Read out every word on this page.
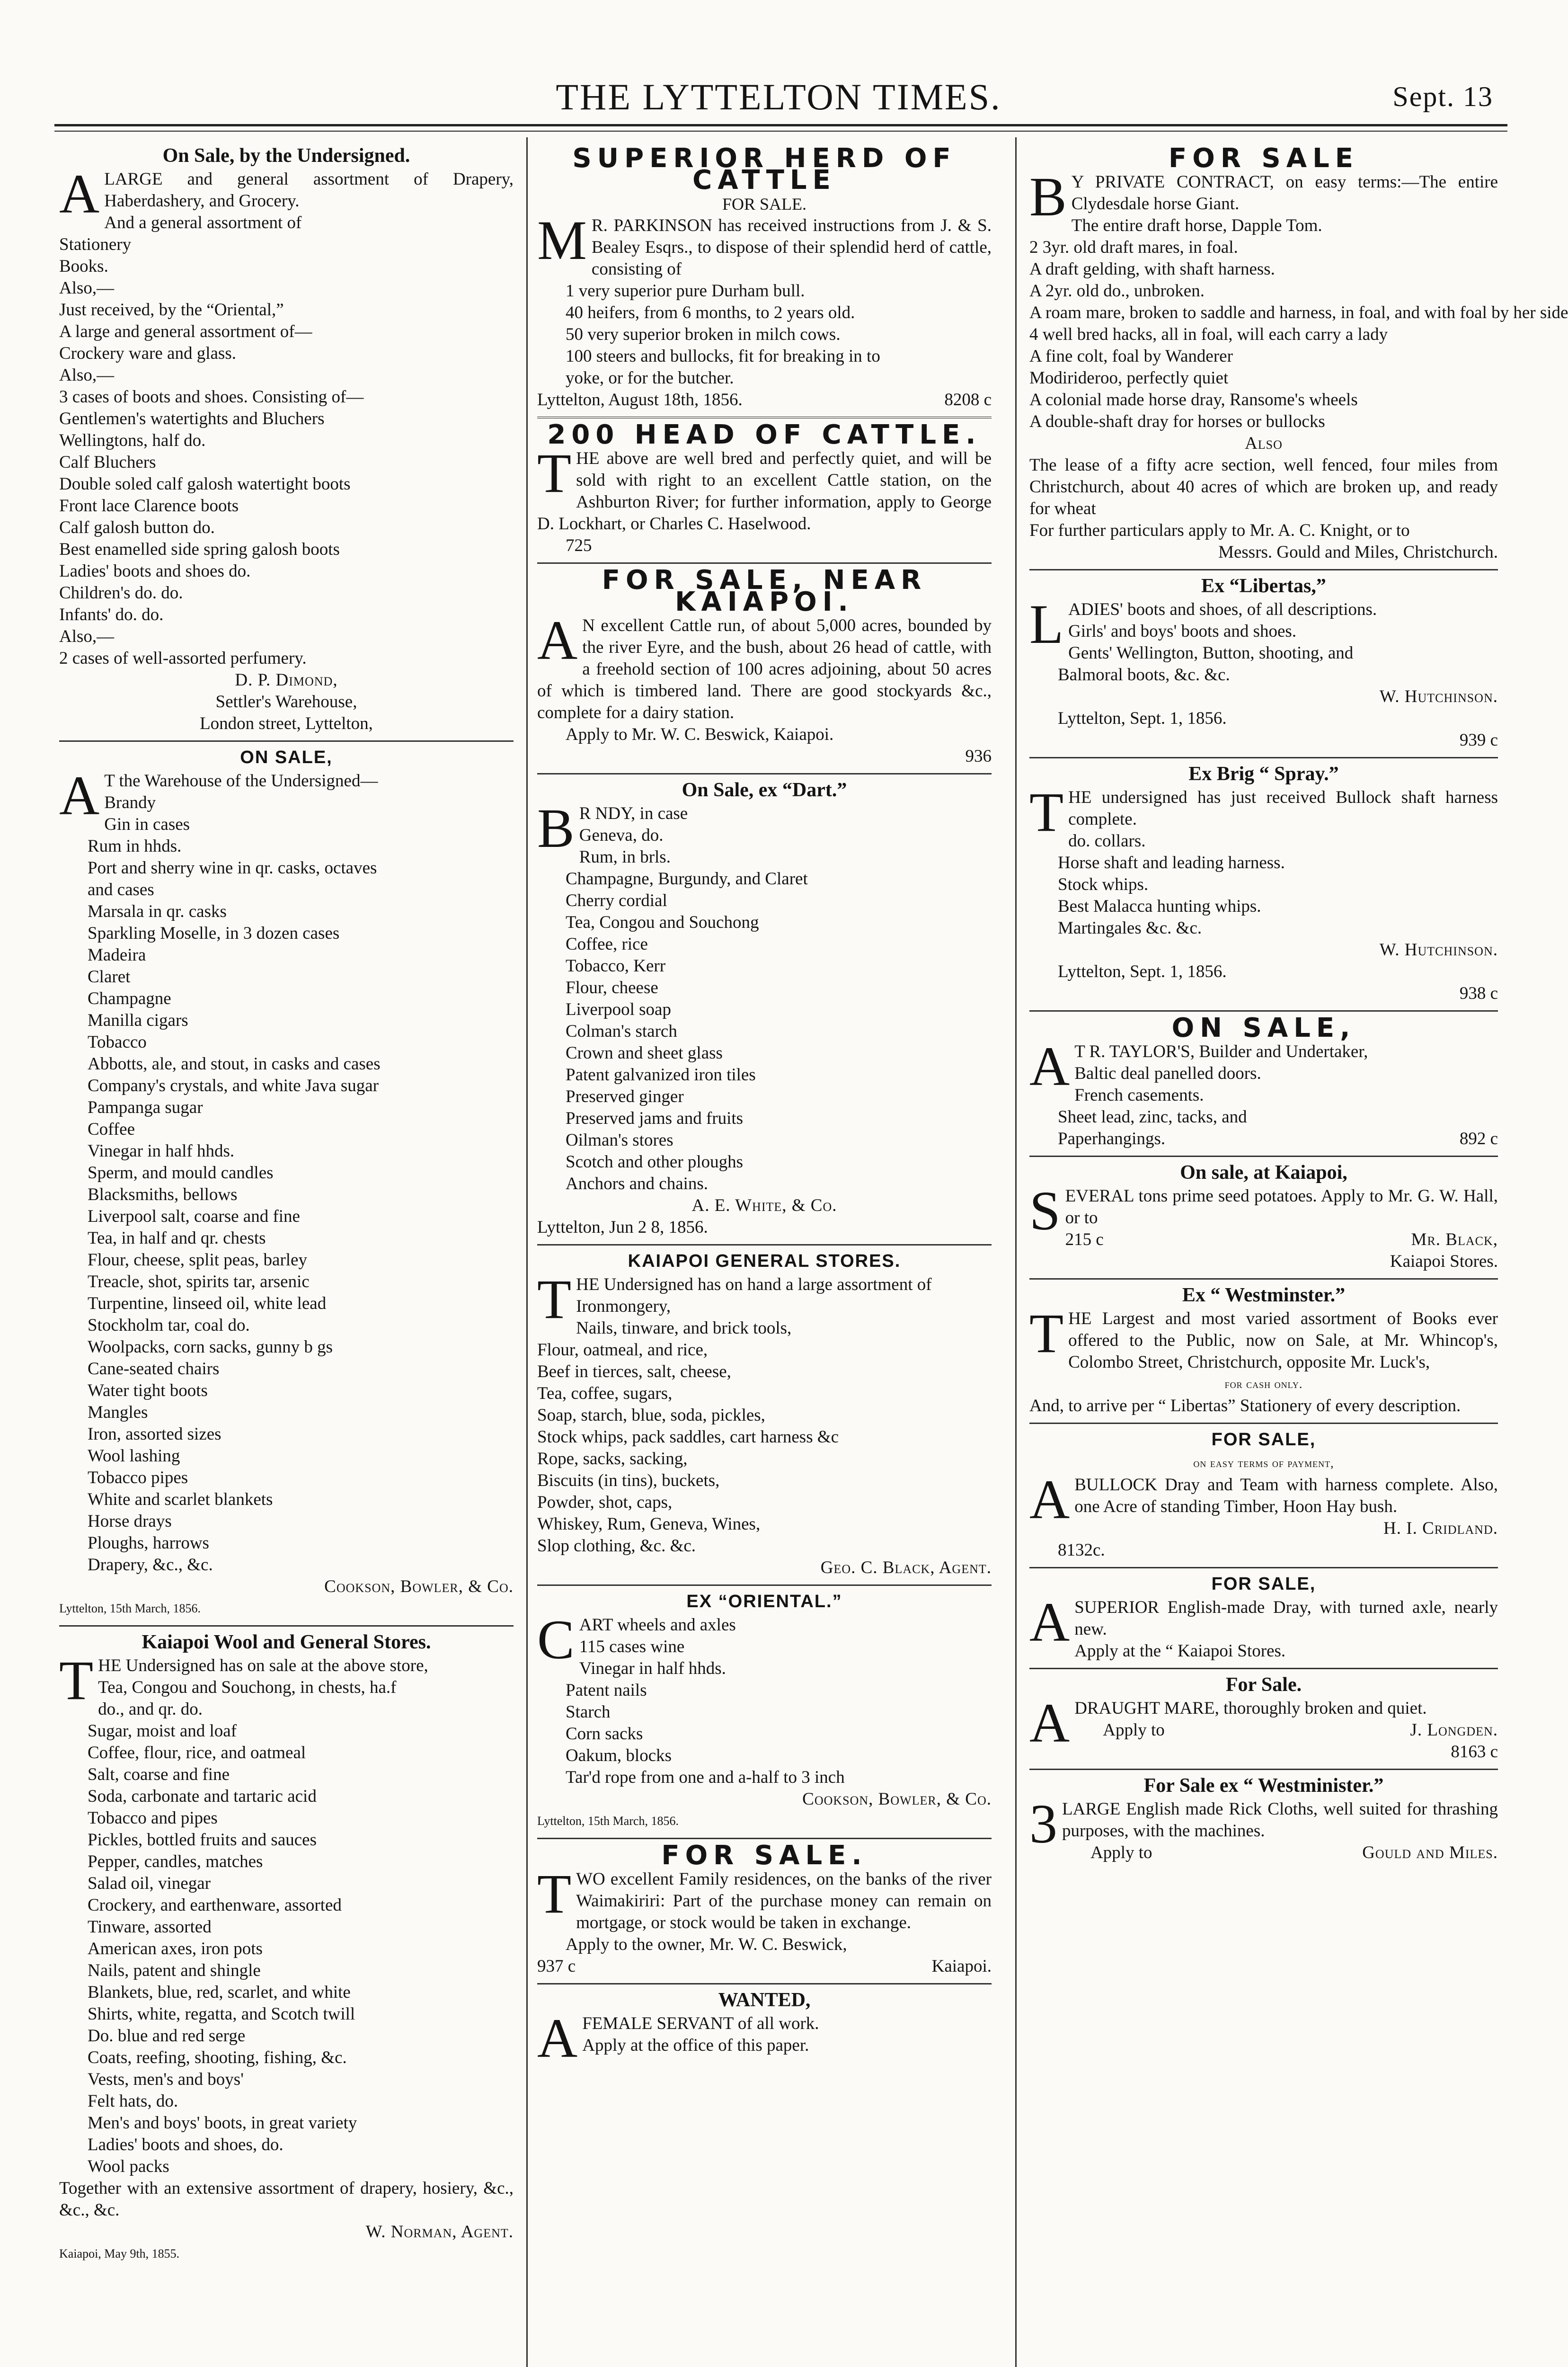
THE LYTTELTON TIMES.	Sept. 13
On Sale, by the Undersigned.
ALARGE and general assortment of Drapery, Haberdashery, and Grocery.
And a general assortment of
Stationery
Books.
Also,—
Just received, by the “Oriental,”
A large and general assortment of—
Crockery ware and glass.
Also,—
3 cases of boots and shoes. Consisting of—
Gentlemen's watertights and Bluchers
Wellingtons, half do.
Calf Bluchers
Double soled calf galosh watertight boots
Front lace Clarence boots
Calf galosh button do.
Best enamelled side spring galosh boots
Ladies' boots and shoes do.
Children's do. do.
Infants' do. do.
Also,—
2 cases of well-assorted perfumery.
D. P. Dimond,
Settler's Warehouse,
London street, Lyttelton,
ON SALE,
A T the Warehouse of the Undersigned—
Brandy
Gin in cases
Rum in hhds.
Port and sherry wine in qr. casks, octaves
and cases
Marsala in qr. casks
Sparkling Moselle, in 3 dozen cases
Madeira
Claret
Champagne
Manilla cigars
Tobacco
Abbotts, ale, and stout, in casks and cases
Company's crystals, and white Java sugar
Pampanga sugar
Coffee
Vinegar in half hhds.
Sperm, and mould candles
Blacksmiths, bellows
Liverpool salt, coarse and fine
Tea, in half and qr. chests
Flour, cheese, split peas, barley
Treacle, shot, spirits tar, arsenic
Turpentine, linseed oil, white lead
Stockholm tar, coal do.
Woolpacks, corn sacks, gunny b gs
Cane-seated chairs
Water tight boots
Mangles
Iron, assorted sizes
Wool lashing
Tobacco pipes
White and scarlet blankets
Horse drays
Ploughs, harrows
Drapery, &c., &c.
Cookson, Bowler, & Co.
Lyttelton, 15th March, 1856.
Kaiapoi Wool and General Stores.
THE Undersigned has on sale at the above store,
Tea, Congou and Souchong, in chests, ha.f
do., and qr. do.
Sugar, moist and loaf
Coffee, flour, rice, and oatmeal
Salt, coarse and fine
Soda, carbonate and tartaric acid
Tobacco and pipes
Pickles, bottled fruits and sauces
Pepper, candles, matches
Salad oil, vinegar
Crockery, and earthenware, assorted
Tinware, assorted
American axes, iron pots
Nails, patent and shingle
Blankets, blue, red, scarlet, and white
Shirts, white, regatta, and Scotch twill
Do. blue and red serge
Coats, reefing, shooting, fishing, &c.
Vests, men's and boys'
Felt hats, do.
Men's and boys' boots, in great variety
Ladies' boots and shoes, do.
Wool packs
Together with an extensive assortment of drapery, hosiery, &c., &c., &c.
W. Norman, Agent.
Kaiapoi, May 9th, 1855.
SUPERIOR HERD OF CATTLE
FOR SALE.
M R. PARKINSON has received instructions from J. & S. Bealey Esqrs., to dispose of their splendid herd of cattle, consisting of
1 very superior pure Durham bull.
40 heifers, from 6 months, to 2 years old.
50 very superior broken in milch cows.
100 steers and bullocks, fit for breaking in to
yoke, or for the butcher.
Lyttelton, August 18th, 1856.	8208 c
200 HEAD OF CATTLE.
THE above are well bred and perfectly quiet, and will be sold with right to an excellent Cattle station, on the Ashburton River; for further information, apply to George D. Lockhart, or Charles C. Haselwood.
725
FOR SALE, NEAR KAIAPOI.
A N excellent Cattle run, of about 5,000 acres, bounded by the river Eyre, and the bush, about 26 head of cattle, with a freehold section of 100 acres adjoining, about 50 acres of which is timbered land. There are good stockyards &c., complete for a dairy station.
Apply to Mr. W. C. Beswick, Kaiapoi.
936
On Sale, ex “Dart.”
B R NDY, in case
Geneva, do.
Rum, in brls.
Champagne, Burgundy, and Claret
Cherry cordial
Tea, Congou and Souchong
Coffee, rice
Tobacco, Kerr
Flour, cheese
Liverpool soap
Colman's starch
Crown and sheet glass
Patent galvanized iron tiles
Preserved ginger
Preserved jams and fruits
Oilman's stores
Scotch and other ploughs
Anchors and chains.
A. E. White, & Co.
Lyttelton, Jun 2 8, 1856.
KAIAPOI GENERAL STORES.
THE Undersigned has on hand a large assortment of
Ironmongery,
Nails, tinware, and brick tools,
Flour, oatmeal, and rice,
Beef in tierces, salt, cheese,
Tea, coffee, sugars,
Soap, starch, blue, soda, pickles,
Stock whips, pack saddles, cart harness &c
Rope, sacks, sacking,
Biscuits (in tins), buckets,
Powder, shot, caps,
Whiskey, Rum, Geneva, Wines,
Slop clothing, &c. &c.
Geo. C. Black, Agent.
EX “ORIENTAL.”
CART wheels and axles
115 cases wine
Vinegar in half hhds.
Patent nails
Starch
Corn sacks
Oakum, blocks
Tar'd rope from one and a-half to 3 inch
Cookson, Bowler, & Co.
Lyttelton, 15th March, 1856.
FOR SALE.
TWO excellent Family residences, on the banks of the river Waimakiriri: Part of the purchase money can remain on mortgage, or stock would be taken in exchange.
Apply to the owner, Mr. W. C. Beswick,
937 c	Kaiapoi.
WANTED,
AFEMALE SERVANT of all work.
Apply at the office of this paper.
FOR SALE
B Y PRIVATE CONTRACT, on easy terms:—The entire Clydesdale horse Giant.
The entire draft horse, Dapple Tom.
2 3yr. old draft mares, in foal.
A draft gelding, with shaft harness.
A 2yr. old do., unbroken.
A roam mare, broken to saddle and harness, in foal, and with foal by her side
4 well bred hacks, all in foal, will each carry a lady
A fine colt, foal by Wanderer
Modirideroo, perfectly quiet
A colonial made horse dray, Ransome's wheels
A double-shaft dray for horses or bullocks
Also
The lease of a fifty acre section, well fenced, four miles from Christchurch, about 40 acres of which are broken up, and ready for wheat
For further particulars apply to Mr. A. C. Knight, or to
Messrs. Gould and Miles, Christchurch.
Ex “Libertas,”
LADIES' boots and shoes, of all descriptions.
Girls' and boys' boots and shoes.
Gents' Wellington, Button, shooting, and
Balmoral boots, &c. &c.
W. Hutchinson.
Lyttelton, Sept. 1, 1856.
939 c
Ex Brig “ Spray.”
THE undersigned has just received Bullock shaft harness complete.
do. collars.
Horse shaft and leading harness.
Stock whips.
Best Malacca hunting whips.
Martingales &c. &c.
W. Hutchinson.
Lyttelton, Sept. 1, 1856.
938 c
ON SALE,
A T R. TAYLOR'S, Builder and Undertaker,
Baltic deal panelled doors.
French casements.
Sheet lead, zinc, tacks, and
Paperhangings.	892 c
On sale, at Kaiapoi,
SEVERAL tons prime seed potatoes. Apply to Mr. G. W. Hall, or to
215 c	Mr. Black,
Kaiapoi Stores.
Ex “ Westminster.”
THE Largest and most varied assortment of Books ever offered to the Public, now on Sale, at Mr. Whincop's, Colombo Street, Christchurch, opposite Mr. Luck's,
for cash only.
And, to arrive per “ Libertas” Stationery of every description.
FOR SALE,
on easy terms of payment,
ABULLOCK Dray and Team with harness complete. Also, one Acre of standing Timber, Hoon Hay bush.
H. I. Cridland.
8132c.
FOR SALE,
ASUPERIOR English-made Dray, with turned axle, nearly new.
Apply at the “ Kaiapoi Stores.
For Sale.
ADRAUGHT MARE, thoroughly broken and quiet.
Apply to	J. Longden.
8163 c
For Sale ex “ Westminister.”
3 LARGE English made Rick Cloths, well suited for thrashing purposes, with the machines.
Apply to	Gould and Miles.
